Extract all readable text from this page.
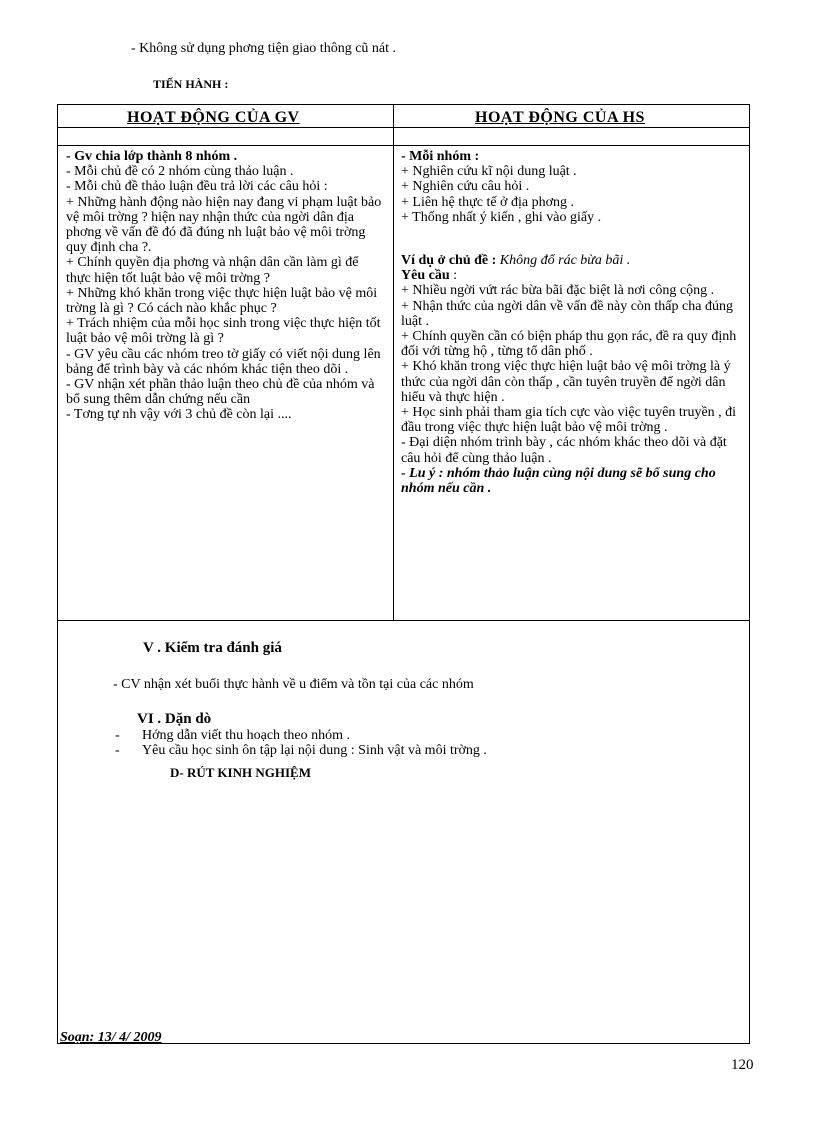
- Không sử dụng phơng tiện giao thông cũ nát .

TIẾN HÀNH :

HOẠT ĐỘNG CỦA GV	HOẠT ĐỘNG CỦA HS

- Gv chia lớp thành 8 nhóm .

- Mỗi chủ đề có 2 nhóm cùng thảo luận .

- Mỗi chủ đề thảo luận đều trả lời các câu hỏi :

+ Những hành động nào hiện nay đang vi phạm luật bảo vệ môi trờng ? hiện nay nhận thức của ngời dân địa phơng về vấn đề đó đã đúng nh luật bảo vệ môi trờng quy định cha ?.

+ Chính quyền địa phơng và nhận dân cần làm gì để thực hiện tốt luật bảo vệ môi trờng ?

+ Những khó khăn trong việc thực hiện luật bảo vệ môi trờng là gì ? Có cách nào khắc phục ?

+ Trách nhiệm của mỗi học sinh trong việc thực hiện tốt luật bảo vệ môi trờng là gì ?

- GV yêu cầu các nhóm treo tờ giấy có viết nội dung lên bảng để trình bày và các nhóm khác tiện theo dõi .

- GV nhận xét phần thảo luận theo chủ đề của nhóm và bổ sung thêm dẫn chứng nếu cần

- Tơng tự nh vậy với 3 chủ đề còn lại ....

- Mỗi nhóm :

+ Nghiên cứu kĩ nội dung luật .

+ Nghiên cứu câu hỏi .

+ Liên hệ thực tế ở địa phơng .

+ Thống nhất ý kiến , ghi vào giấy .

Ví dụ ở chủ đề : Không đổ rác bừa bãi .

Yêu cầu :

+ Nhiều ngời vứt rác bừa bãi đặc biệt là nơi công cộng .

+ Nhận thức của ngời dân về vấn đề này còn thấp cha đúng luật .

+ Chính quyền cần có biện pháp thu gọn rác, đề ra quy định đối với từng hộ , từng tổ dân phố .

+ Khó khăn trong việc thực hiện luật bảo vệ môi trờng là ý thức của ngời dân còn thấp , cần tuyên truyền để ngời dân hiểu và thực hiện .

+ Học sinh phải tham gia tích cực vào việc tuyên truyền , đi đầu trong việc thực hiện luật bảo vệ môi trờng .

- Đại diện nhóm trình bày , các nhóm khác theo dõi và đặt câu hỏi để cùng thảo luận .

- Lu ý : nhóm thảo luận cùng nội dung sẽ bổ sung cho nhóm nếu cần .

V . Kiểm tra đánh giá

- CV nhận xét buổi thực hành về u điểm và tồn tại của các nhóm

VI . Dặn dò

- Hớng dẫn viết thu hoạch theo nhóm .

- Yêu cầu học sinh ôn tập lại nội dung : Sinh vật và môi trờng .

D- RÚT KINH NGHIỆM

Soạn: 13/ 4/ 2009

120
